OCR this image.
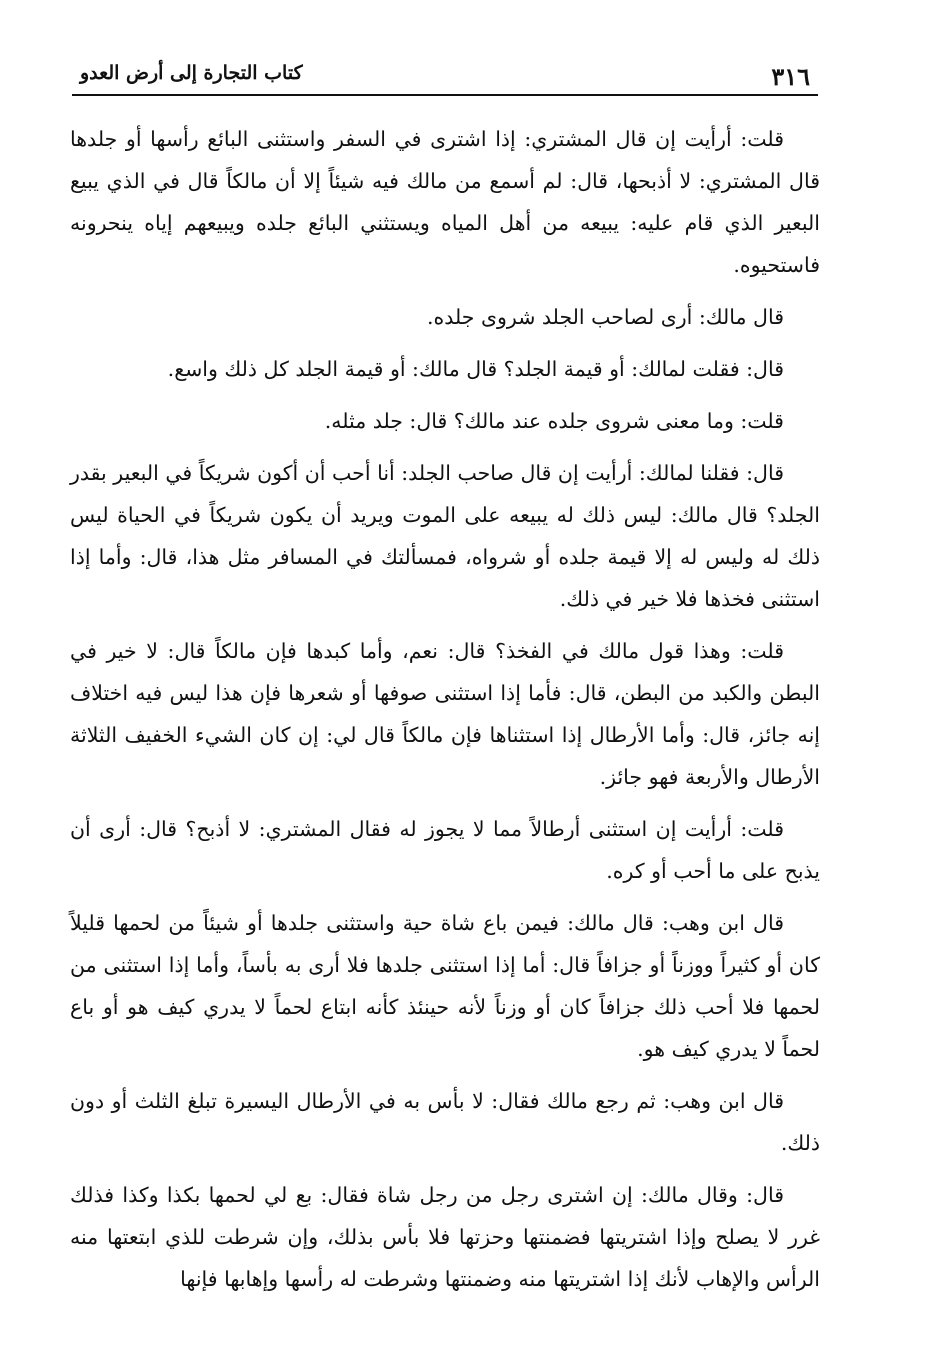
٣١٦
كتاب التجارة إلى أرض العدو

قلت: أرأيت إن قال المشتري: إذا اشترى في السفر واستثنى البائع رأسها أو جلدها قال المشتري: لا أذبحها، قال: لم أسمع من مالك فيه شيئاً إلا أن مالكاً قال في الذي يبيع البعير الذي قام عليه: يبيعه من أهل المياه ويستثني البائع جلده ويبيعهم إياه ينحرونه فاستحيوه.

قال مالك: أرى لصاحب الجلد شروى جلده.

قال: فقلت لمالك: أو قيمة الجلد؟ قال مالك: أو قيمة الجلد كل ذلك واسع.

قلت: وما معنى شروى جلده عند مالك؟ قال: جلد مثله.

قال: فقلنا لمالك: أرأيت إن قال صاحب الجلد: أنا أحب أن أكون شريكاً في البعير بقدر الجلد؟ قال مالك: ليس ذلك له يبيعه على الموت ويريد أن يكون شريكاً في الحياة ليس ذلك له وليس له إلا قيمة جلده أو شرواه، فمسألتك في المسافر مثل هذا، قال: وأما إذا استثنى فخذها فلا خير في ذلك.

قلت: وهذا قول مالك في الفخذ؟ قال: نعم، وأما كبدها فإن مالكاً قال: لا خير في البطن والكبد من البطن، قال: فأما إذا استثنى صوفها أو شعرها فإن هذا ليس فيه اختلاف إنه جائز، قال: وأما الأرطال إذا استثناها فإن مالكاً قال لي: إن كان الشيء الخفيف الثلاثة الأرطال والأربعة فهو جائز.

قلت: أرأيت إن استثنى أرطالاً مما لا يجوز له فقال المشتري: لا أذبح؟ قال: أرى أن يذبح على ما أحب أو كره.

قال ابن وهب: قال مالك: فيمن باع شاة حية واستثنى جلدها أو شيئاً من لحمها قليلاً كان أو كثيراً ووزناً أو جزافاً قال: أما إذا استثنى جلدها فلا أرى به بأساً، وأما إذا استثنى من لحمها فلا أحب ذلك جزافاً كان أو وزناً لأنه حينئذ كأنه ابتاع لحماً لا يدري كيف هو أو باع لحماً لا يدري كيف هو.

قال ابن وهب: ثم رجع مالك فقال: لا بأس به في الأرطال اليسيرة تبلغ الثلث أو دون ذلك.

قال: وقال مالك: إن اشترى رجل من رجل شاة فقال: بع لي لحمها بكذا وكذا فذلك غرر لا يصلح وإذا اشتريتها فضمنتها وحزتها فلا بأس بذلك، وإن شرطت للذي ابتعتها منه الرأس والإهاب لأنك إذا اشتريتها منه وضمنتها وشرطت له رأسها وإهابها فإنها
